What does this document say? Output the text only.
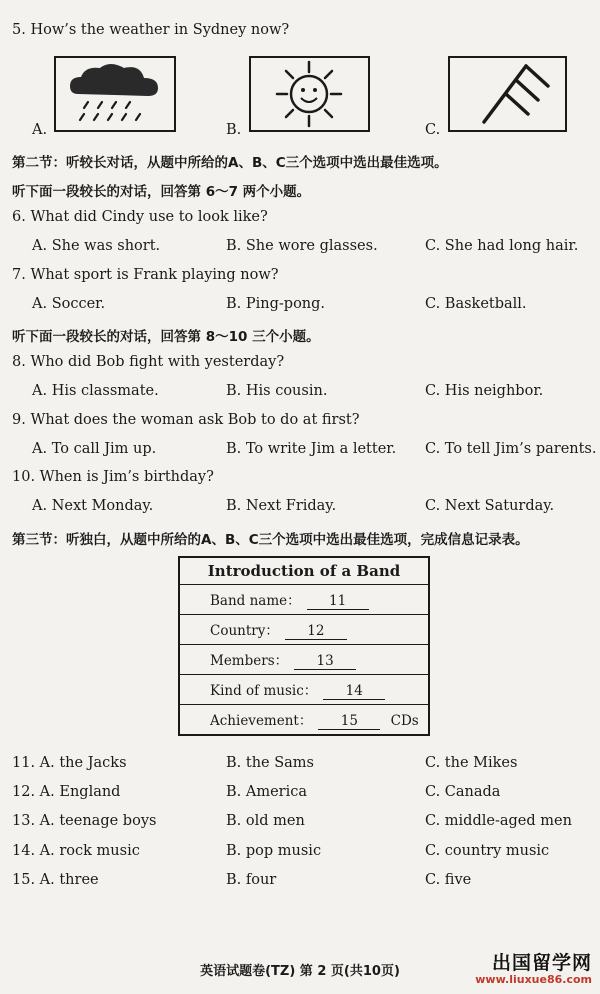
5. How’s the weather in Sydney now?
A.	B.	C.
第二节：听较长对话，从题中所给的A、B、C三个选项中选出最佳选项。
听下面一段较长的对话，回答第 6～7 两个小题。
6. What did Cindy use to look like?
A. She was short.	B. She wore glasses.	C. She had long hair.
7. What sport is Frank playing now?
A. Soccer.	B. Ping-pong.	C. Basketball.
听下面一段较长的对话，回答第 8～10 三个小题。
8. Who did Bob fight with yesterday?
A. His classmate.	B. His cousin.	C. His neighbor.
9. What does the woman ask Bob to do at first?
A. To call Jim up.	B. To write Jim a letter. C. To tell Jim’s parents.
10. When is Jim’s birthday?
A. Next Monday.	B. Next Friday.	C. Next Saturday.
第三节：听独白，从题中所给的A、B、C三个选项中选出最佳选项，完成信息记录表。
Introduction of a Band
Band name： 11
Country： 12
Members： 13
Kind of music： 14
Achievement： 15 CDs
11. A. the Jacks	B. the Sams	C. the Mikes
12. A. England	B. America	C. Canada
13. A. teenage boys	B. old men	C. middle-aged men
14. A. rock music	B. pop music	C. country music
15. A. three	B. four	C. five
英语试题卷(TZ) 第 2 页(共10页)	出国留学网
www.liuxue86.com
